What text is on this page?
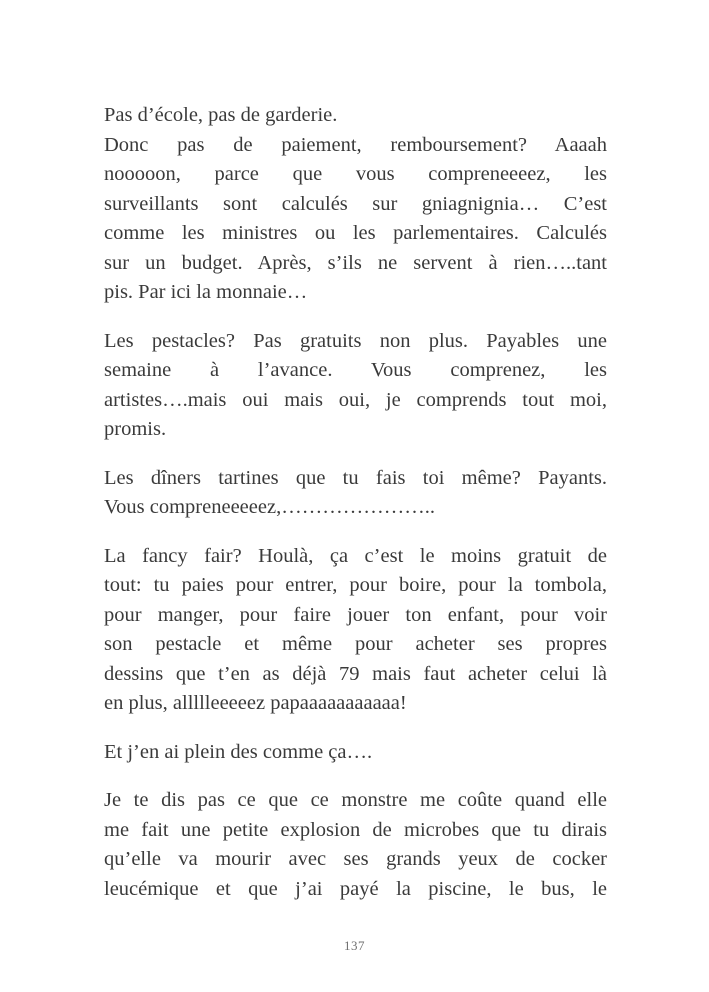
Pas d’école, pas de garderie.
Donc pas de paiement, remboursement? Aaaah
nooooon, parce que vous compreneeeez, les
surveillants sont calculés sur gniagnignia… C’est
comme les ministres ou les parlementaires. Calculés
sur un budget. Après, s’ils ne servent à rien…..tant
pis. Par ici la monnaie…
Les pestacles? Pas gratuits non plus. Payables une
semaine à l’avance. Vous comprenez, les
artistes….mais oui mais oui, je comprends tout moi,
promis.
Les dîners tartines que tu fais toi même? Payants.
Vous compreneeeeez,…………………..
La fancy fair? Houlà, ça c’est le moins gratuit de
tout: tu paies pour entrer, pour boire, pour la tombola,
pour manger, pour faire jouer ton enfant, pour voir
son pestacle et même pour acheter ses propres
dessins que t’en as déjà 79 mais faut acheter celui là
en plus, allllleeeeez papaaaaaaaaaaa!
Et j’en ai plein des comme ça….
Je te dis pas ce que ce monstre me coûte quand elle
me fait une petite explosion de microbes que tu dirais
qu’elle va mourir avec ses grands yeux de cocker
leucémique et que j’ai payé la piscine, le bus, le
137
